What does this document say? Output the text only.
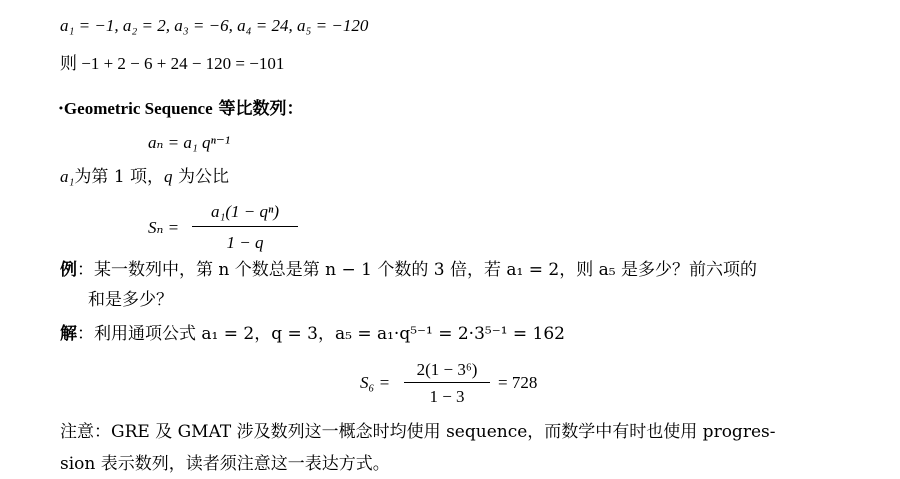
a₁ = −1, a₂ = 2, a₃ = −6, a₄ = 24, a₅ = −120
则 −1 + 2 − 6 + 24 − 120 = −101
·Geometric Sequence 等比数列：
aₙ = a₁ qⁿ⁻¹
a₁为第 1 项，q 为公比
Sₙ =
a₁(1 − qⁿ)
1 − q
例：某一数列中，第 n 个数总是第 n − 1 个数的 3 倍，若 a₁ = 2，则 a₅ 是多少？前六项的
和是多少？
解：利用通项公式 a₁ = 2，q = 3，a₅ = a₁·q⁵⁻¹ = 2·3⁵⁻¹ = 162
S₆ =
2(1 − 3⁶)
1 − 3
= 728
注意：GRE 及 GMAT 涉及数列这一概念时均使用 sequence，而数学中有时也使用 progres-
sion 表示数列，读者须注意这一表达方式。
